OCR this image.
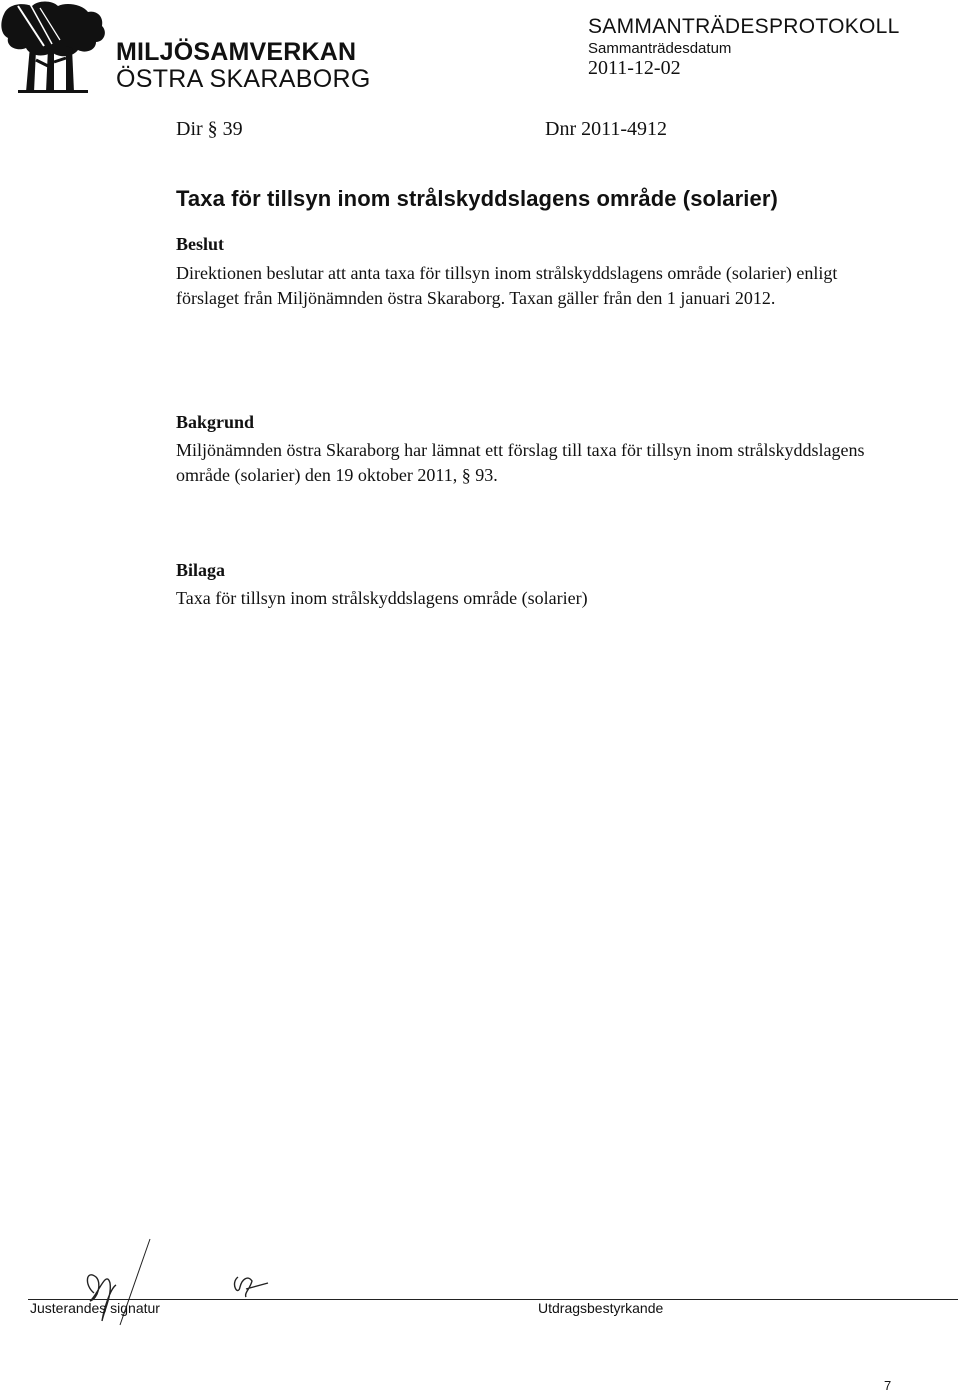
MILJÖSAMVERKAN
ÖSTRA SKARABORG
SAMMANTRÄDESPROTOKOLL
Sammanträdesdatum
2011-12-02
Dir § 39	Dnr 2011-4912
Taxa för tillsyn inom strålskyddslagens område (solarier)
Beslut
Direktionen beslutar att anta taxa för tillsyn inom strålskyddslagens område (solarier) enligt förslaget från Miljönämnden östra Skaraborg. Taxan gäller från den 1 januari 2012.
Bakgrund
Miljönämnden östra Skaraborg har lämnat ett förslag till taxa för tillsyn inom strålskyddslagens område (solarier) den 19 oktober 2011, § 93.
Bilaga
Taxa för tillsyn inom strålskyddslagens område (solarier)
Justerandes signatur	Utdragsbestyrkande
7
